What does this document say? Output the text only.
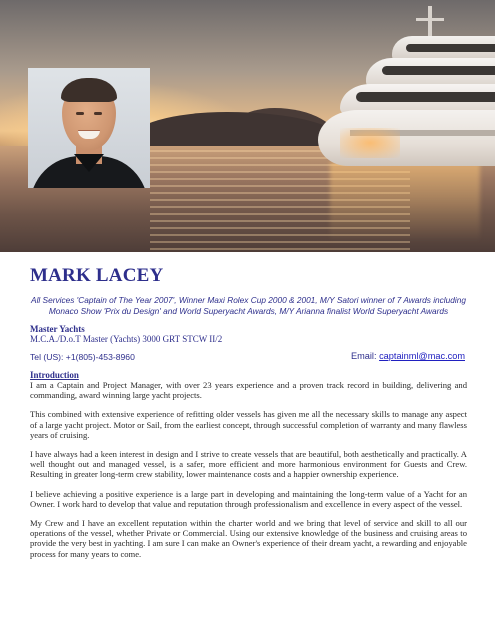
MARK LACEY

All Services 'Captain of The Year 2007', Winner Maxi Rolex Cup 2000 & 2001, M/Y Satori winner of 7 Awards including Monaco Show 'Prix du Design' and World Superyacht Awards, M/Y Arianna finalist World Superyacht Awards

Master Yachts

M.C.A./D.o.T Master (Yachts) 3000 GRT STCW II/2

Tel (US): +1(805)-453-8960	Email: captainml@mac.com

Introduction

I am a Captain and Project Manager, with over 23 years experience and a proven track record in building, delivering and commanding, award winning large yacht projects.

This combined with extensive experience of refitting older vessels has given me all the necessary skills to manage any aspect of a large yacht project. Motor or Sail, from the earliest concept, through successful completion of warranty and many flawless years of cruising.

I have always had a keen interest in design and I strive to create vessels that are beautiful, both aesthetically and practically. A well thought out and managed vessel, is a safer, more efficient and more harmonious environment for Guests and Crew. Resulting in greater long-term crew stability, lower maintenance costs and a happier ownership experience.

I believe achieving a positive experience is a large part in developing and maintaining the long-term value of a Yacht for an Owner. I work hard to develop that value and reputation through professionalism and excellence in every aspect of the vessel.

My Crew and I have an excellent reputation within the charter world and we bring that level of service and skill to all our operations of the vessel, whether Private or Commercial. Using our extensive knowledge of the business and cruising areas to provide the very best in yachting. I am sure I can make an Owner's experience of their dream yacht, a rewarding and enjoyable process for many years to come.
